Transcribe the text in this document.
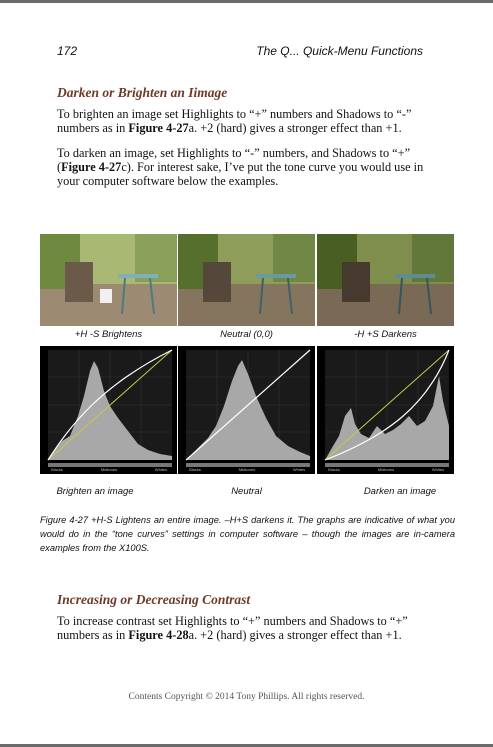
172	The Q... Quick-Menu Functions
Darken or Brighten an Iimage

To brighten an image set Highlights to “+” numbers and Shadows to “-” numbers as in Figure 4-27a. +2 (hard) gives a stronger effect than +1.

To darken an image, set Highlights to “-” numbers, and Shadows to “+” (Figure 4-27c). For interest sake, I’ve put the tone curve you would use in your computer software below the examples.

+H -S Brightens	Neutral (0,0)	-H +S Darkens
Blacks	Midtones	Whites	Blacks	Midtones	Whites	Blacks	Midtones	Whites
Brighten an image	Neutral	Darken an image

Figure 4-27 +H-S Lightens an entire image. –H+S darkens it. The graphs are indicative of what you would do in the “tone curves” settings in computer software – though the images are in-camera examples from the X100S.

Increasing or Decreasing Contrast

To increase contrast set Highlights to “+” numbers and Shadows to “+” numbers as in Figure 4-28a. +2 (hard) gives a stronger effect than +1.

Contents Copyright © 2014 Tony Phillips. All rights reserved.
